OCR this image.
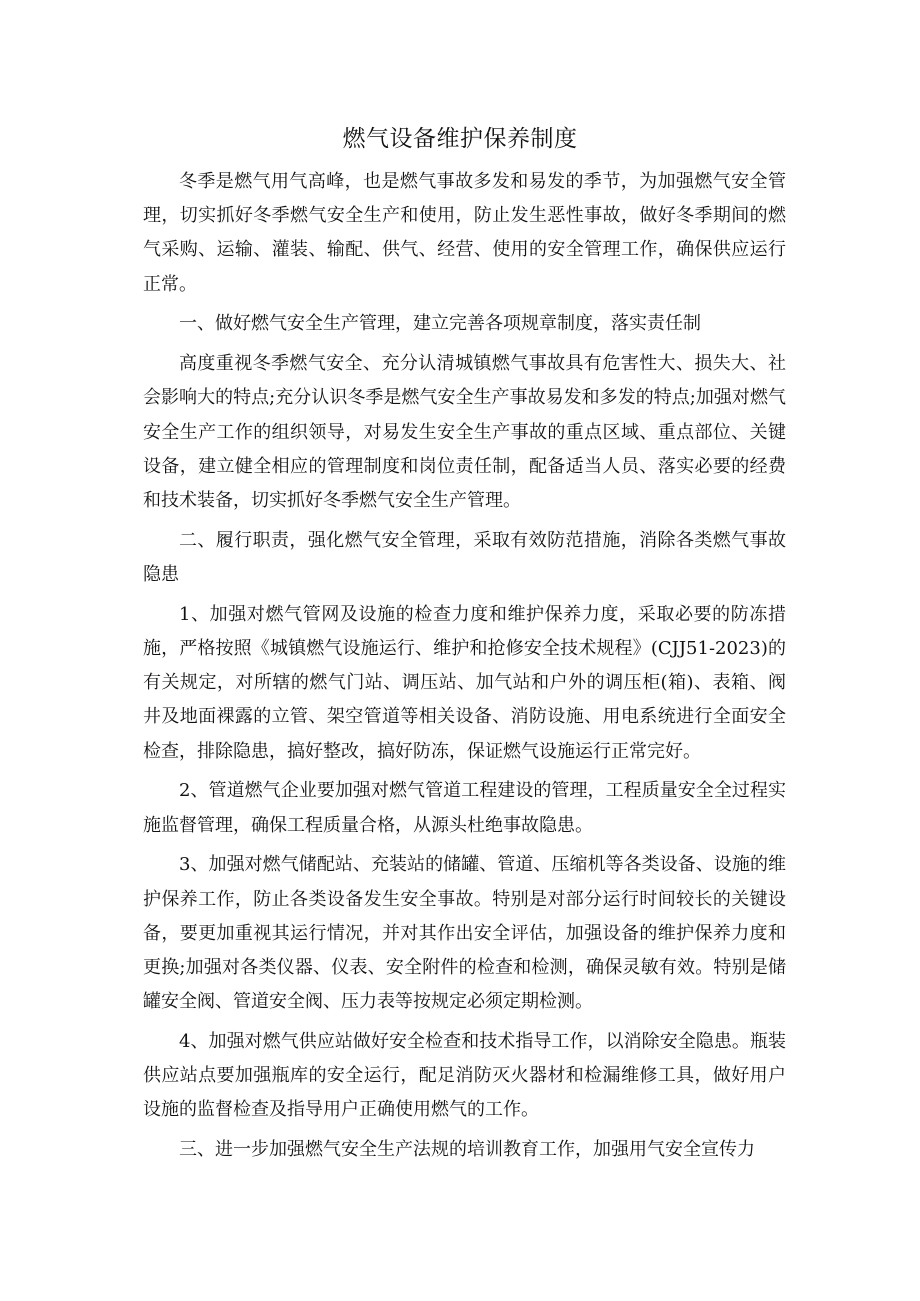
燃气设备维护保养制度

冬季是燃气用气高峰，也是燃气事故多发和易发的季节，为加强燃气安全管理，切实抓好冬季燃气安全生产和使用，防止发生恶性事故，做好冬季期间的燃气采购、运输、灌装、输配、供气、经营、使用的安全管理工作，确保供应运行正常。

一、做好燃气安全生产管理，建立完善各项规章制度，落实责任制

高度重视冬季燃气安全、充分认清城镇燃气事故具有危害性大、损失大、社会影响大的特点;充分认识冬季是燃气安全生产事故易发和多发的特点;加强对燃气安全生产工作的组织领导，对易发生安全生产事故的重点区域、重点部位、关键设备，建立健全相应的管理制度和岗位责任制，配备适当人员、落实必要的经费和技术装备，切实抓好冬季燃气安全生产管理。

二、履行职责，强化燃气安全管理，采取有效防范措施，消除各类燃气事故隐患

1、加强对燃气管网及设施的检查力度和维护保养力度，采取必要的防冻措施，严格按照《城镇燃气设施运行、维护和抢修安全技术规程》(CJJ51-2023)的有关规定，对所辖的燃气门站、调压站、加气站和户外的调压柜(箱)、表箱、阀井及地面裸露的立管、架空管道等相关设备、消防设施、用电系统进行全面安全检查，排除隐患，搞好整改，搞好防冻，保证燃气设施运行正常完好。

2、管道燃气企业要加强对燃气管道工程建设的管理，工程质量安全全过程实施监督管理，确保工程质量合格，从源头杜绝事故隐患。

3、加强对燃气储配站、充装站的储罐、管道、压缩机等各类设备、设施的维护保养工作，防止各类设备发生安全事故。特别是对部分运行时间较长的关键设备，要更加重视其运行情况，并对其作出安全评估，加强设备的维护保养力度和更换;加强对各类仪器、仪表、安全附件的检查和检测，确保灵敏有效。特别是储罐安全阀、管道安全阀、压力表等按规定必须定期检测。

4、加强对燃气供应站做好安全检查和技术指导工作，以消除安全隐患。瓶装供应站点要加强瓶库的安全运行，配足消防灭火器材和检漏维修工具，做好用户设施的监督检查及指导用户正确使用燃气的工作。

三、进一步加强燃气安全生产法规的培训教育工作，加强用气安全宣传力
